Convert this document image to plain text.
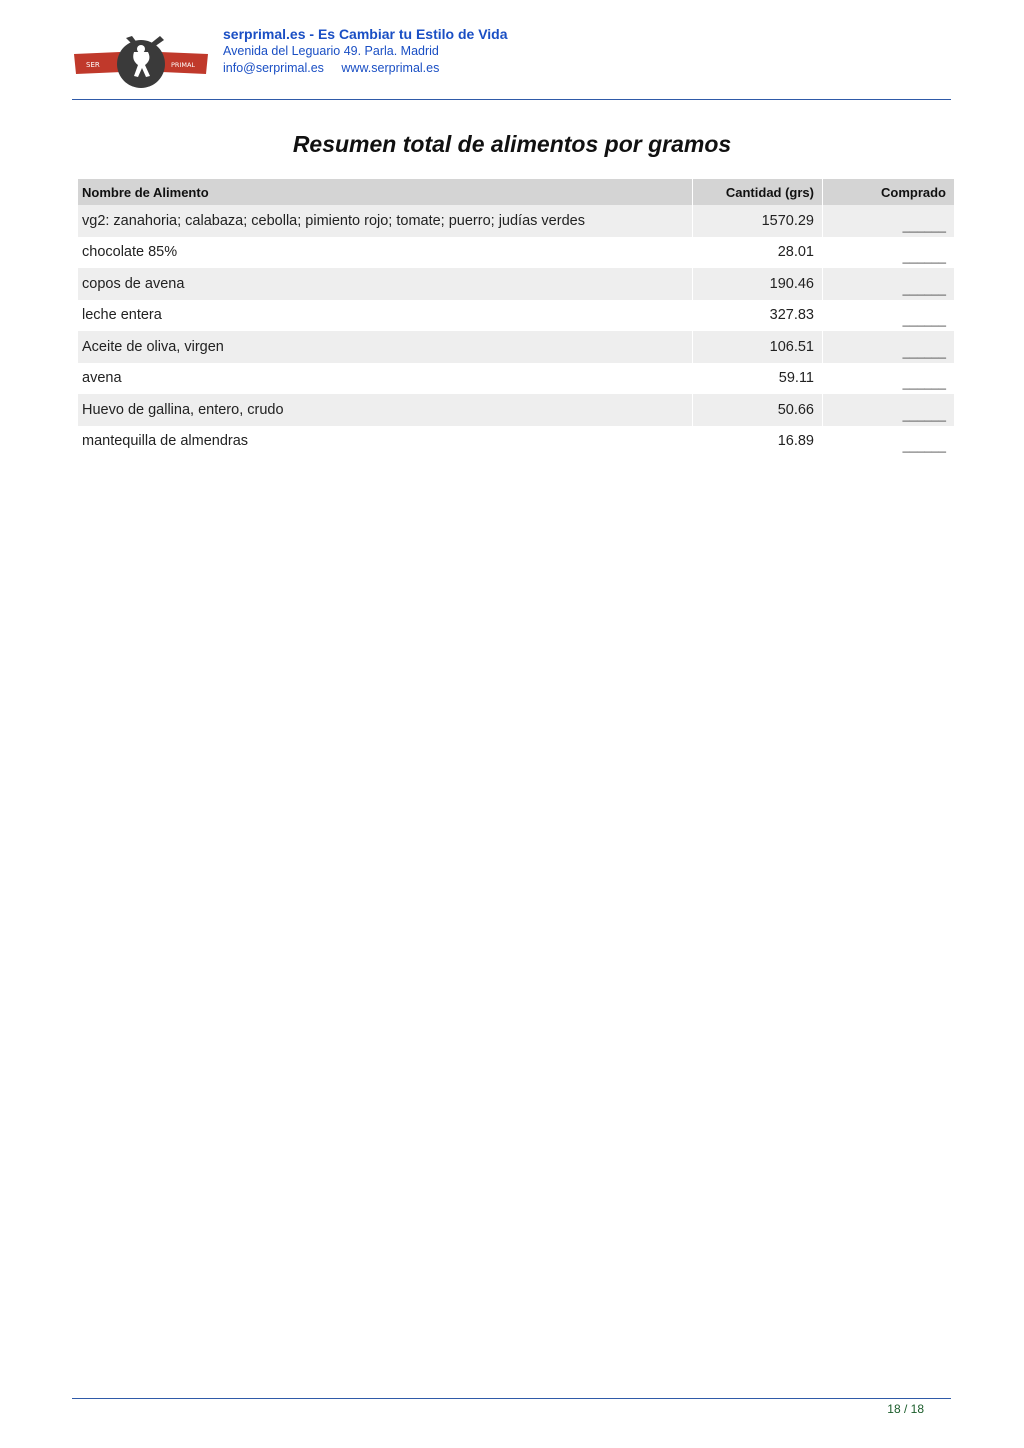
SER	PRIMAL
serprimal.es - Es Cambiar tu Estilo de Vida
Avenida del Leguario 49. Parla. Madrid
info@serprimal.es www.serprimal.es
Resumen total de alimentos por gramos
Nombre de Alimento	Cantidad (grs)	Comprado
vg2: zanahoria; calabaza; cebolla; pimiento rojo; tomate; puerro; judías verdes	1570.29	______
chocolate 85%	28.01	______
copos de avena	190.46	______
leche entera	327.83	______
Aceite de oliva, virgen	106.51	______
avena	59.11	______
Huevo de gallina, entero, crudo	50.66	______
mantequilla de almendras	16.89	______
18 / 18
